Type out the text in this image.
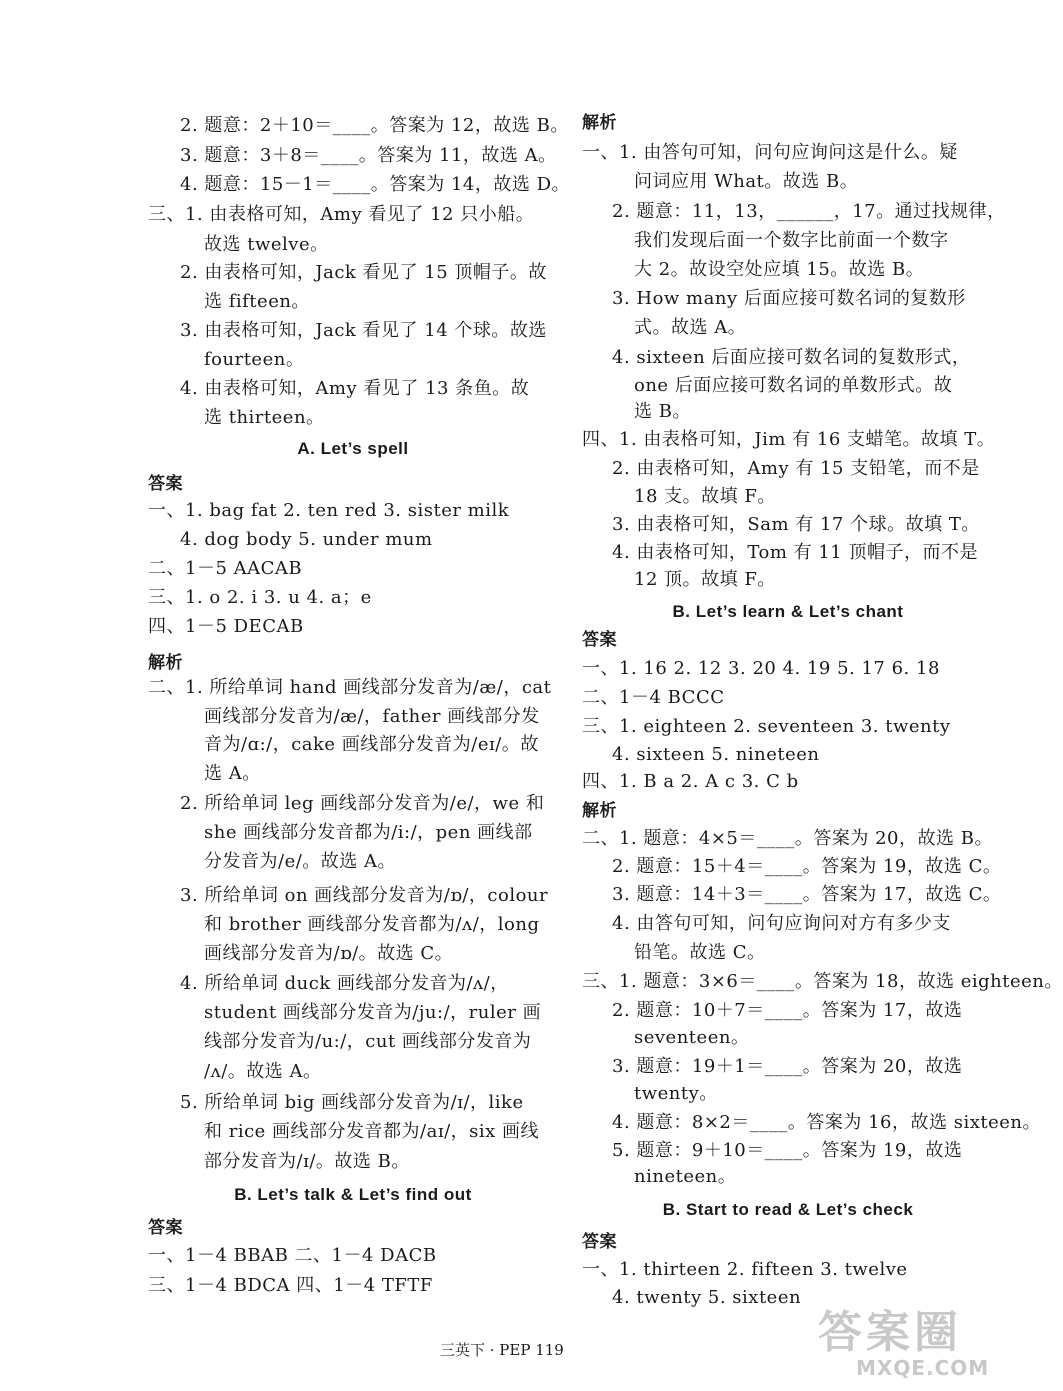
2. 题意：2＋10＝____。答案为 12，故选 B。
3. 题意：3＋8＝____。答案为 11，故选 A。
4. 题意：15－1＝____。答案为 14，故选 D。
三、1. 由表格可知，Amy 看见了 12 只小船。
故选 twelve。
2. 由表格可知，Jack 看见了 15 顶帽子。故
选 fifteen。
3. 由表格可知，Jack 看见了 14 个球。故选
fourteen。
4. 由表格可知，Amy 看见了 13 条鱼。故
选 thirteen。
A. Let’s spell
答案
一、1. bag fat 2. ten red 3. sister milk
4. dog body 5. under mum
二、1－5 AACAB
三、1. o 2. i 3. u 4. a；e
四、1－5 DECAB
解析
二、1. 所给单词 hand 画线部分发音为/æ/，cat
画线部分发音为/æ/，father 画线部分发
音为/ɑ:/，cake 画线部分发音为/eɪ/。故
选 A。
2. 所给单词 leg 画线部分发音为/e/，we 和
she 画线部分发音都为/i:/，pen 画线部
分发音为/e/。故选 A。
3. 所给单词 on 画线部分发音为/ɒ/，colour
和 brother 画线部分发音都为/ʌ/，long
画线部分发音为/ɒ/。故选 C。
4. 所给单词 duck 画线部分发音为/ʌ/，
student 画线部分发音为/ju:/，ruler 画
线部分发音为/u:/，cut 画线部分发音为
/ʌ/。故选 A。
5. 所给单词 big 画线部分发音为/ɪ/，like
和 rice 画线部分发音都为/aɪ/，six 画线
部分发音为/ɪ/。故选 B。
B. Let’s talk & Let’s find out
答案
一、1－4 BBAB 二、1－4 DACB
三、1－4 BDCA 四、1－4 TFTF
解析
一、1. 由答句可知，问句应询问这是什么。疑
问词应用 What。故选 B。
2. 题意：11，13，______，17。通过找规律，
我们发现后面一个数字比前面一个数字
大 2。故设空处应填 15。故选 B。
3. How many 后面应接可数名词的复数形
式。故选 A。
4. sixteen 后面应接可数名词的复数形式，
one 后面应接可数名词的单数形式。故
选 B。
四、1. 由表格可知，Jim 有 16 支蜡笔。故填 T。
2. 由表格可知，Amy 有 15 支铅笔，而不是
18 支。故填 F。
3. 由表格可知，Sam 有 17 个球。故填 T。
4. 由表格可知，Tom 有 11 顶帽子，而不是
12 顶。故填 F。
B. Let’s learn & Let’s chant
答案
一、1. 16 2. 12 3. 20 4. 19 5. 17 6. 18
二、1－4 BCCC
三、1. eighteen 2. seventeen 3. twenty
4. sixteen 5. nineteen
四、1. B a 2. A c 3. C b
解析
二、1. 题意：4×5＝____。答案为 20，故选 B。
2. 题意：15＋4＝____。答案为 19，故选 C。
3. 题意：14＋3＝____。答案为 17，故选 C。
4. 由答句可知，问句应询问对方有多少支
铅笔。故选 C。
三、1. 题意：3×6＝____。答案为 18，故选 eighteen。
2. 题意：10＋7＝____。答案为 17，故选
seventeen。
3. 题意：19＋1＝____。答案为 20，故选
twenty。
4. 题意：8×2＝____。答案为 16，故选 sixteen。
5. 题意：9＋10＝____。答案为 19，故选
nineteen。
B. Start to read & Let’s check
答案
一、1. thirteen 2. fifteen 3. twelve
4. twenty 5. sixteen
三英下 · PEP 119	答案圈
MXQE.COM
